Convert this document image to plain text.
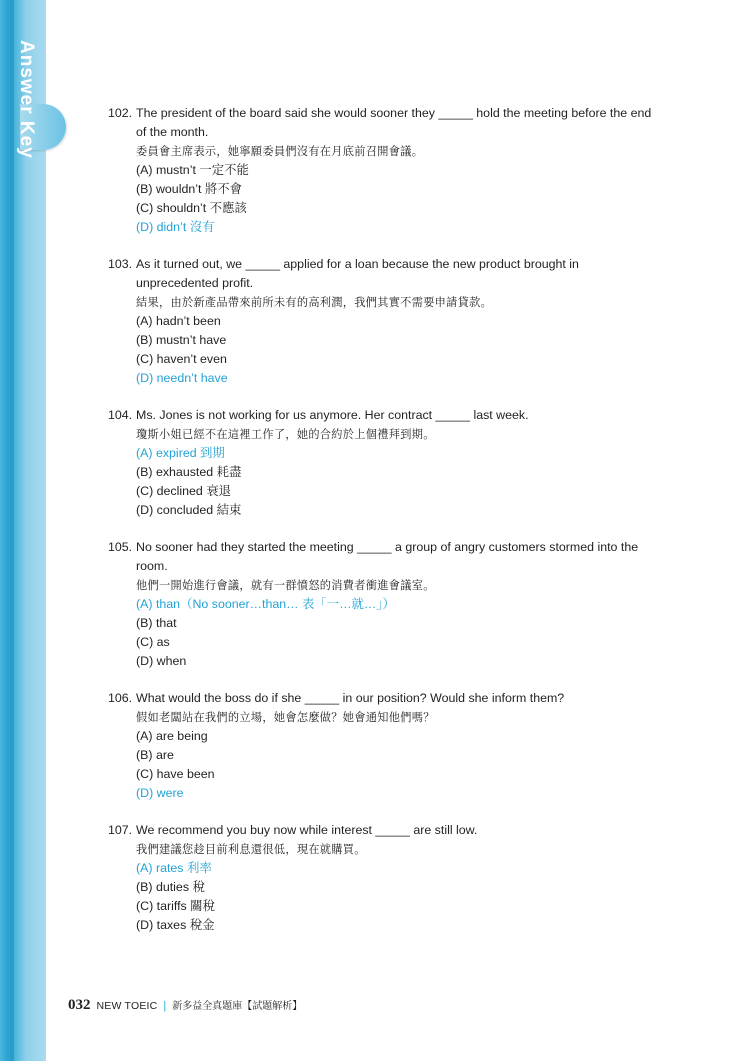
Answer Key	102. The president of the board said she would sooner they _____ hold the meeting before the end
of the month.
委員會主席表示，她寧願委員們沒有在月底前召開會議。
(A) mustn’t 一定不能
(B) wouldn’t 將不會
(C) shouldn’t 不應該
(D) didn’t 沒有
103. As it turned out, we _____ applied for a loan because the new product brought in
unprecedented profit.
結果，由於新產品帶來前所未有的高利潤，我們其實不需要申請貸款。
(A) hadn’t been
(B) mustn’t have
(C) haven’t even
(D) needn’t have
104. Ms. Jones is not working for us anymore. Her contract _____ last week.
瓊斯小姐已經不在這裡工作了，她的合約於上個禮拜到期。
(A) expired 到期
(B) exhausted 耗盡
(C) declined 衰退
(D) concluded 結束
105. No sooner had they started the meeting _____ a group of angry customers stormed into the
room.
他們一開始進行會議，就有一群憤怒的消費者衝進會議室。
(A) than（No sooner…than… 表「一…就…」）
(B) that
(C) as
(D) when
106. What would the boss do if she _____ in our position? Would she inform them?
假如老闆站在我們的立場，她會怎麼做？她會通知他們嗎？
(A) are being
(B) are
(C) have been
(D) were
107. We recommend you buy now while interest _____ are still low.
我們建議您趁目前利息還很低，現在就購買。
(A) rates 利率
(B) duties 稅
(C) tariffs 關稅
(D) taxes 稅金
032 NEW TOEIC | 新多益全真題庫【試題解析】
